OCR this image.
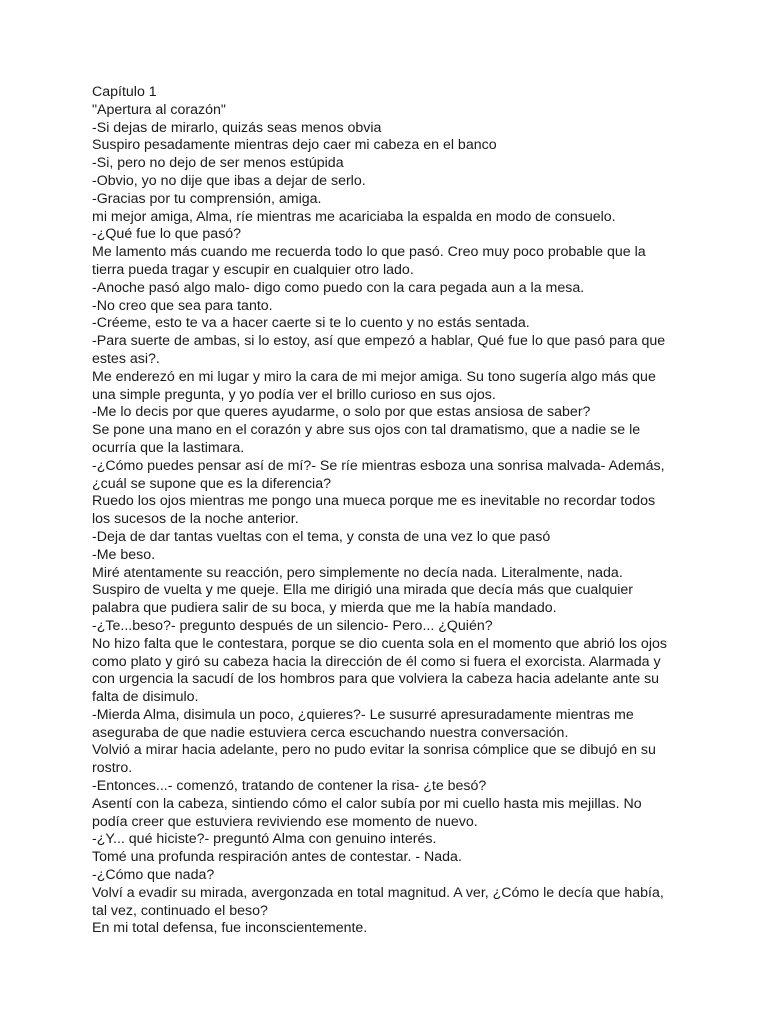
Capítulo 1
"Apertura al corazón"
-Si dejas de mirarlo, quizás seas menos obvia
Suspiro pesadamente mientras dejo caer mi cabeza en el banco
-Si, pero no dejo de ser menos estúpida
-Obvio, yo no dije que ibas a dejar de serlo.
-Gracias por tu comprensión, amiga.
mi mejor amiga, Alma, ríe mientras me acariciaba la espalda en modo de consuelo.
-¿Qué fue lo que pasó?
Me lamento más cuando me recuerda todo lo que pasó. Creo muy poco probable que la
tierra pueda tragar y escupir en cualquier otro lado.
-Anoche pasó algo malo- digo como puedo con la cara pegada aun a la mesa.
-No creo que sea para tanto.
-Créeme, esto te va a hacer caerte si te lo cuento y no estás sentada.
-Para suerte de ambas, si lo estoy, así que empezó a hablar, Qué fue lo que pasó para que
estes asi?.
Me enderezó en mi lugar y miro la cara de mi mejor amiga. Su tono sugería algo más que
una simple pregunta, y yo podía ver el brillo curioso en sus ojos.
-Me lo decis por que queres ayudarme, o solo por que estas ansiosa de saber?
Se pone una mano en el corazón y abre sus ojos con tal dramatismo, que a nadie se le
ocurría que la lastimara.
-¿Cómo puedes pensar así de mí?- Se ríe mientras esboza una sonrisa malvada- Además,
¿cuál se supone que es la diferencia?
Ruedo los ojos mientras me pongo una mueca porque me es inevitable no recordar todos
los sucesos de la noche anterior.
-Deja de dar tantas vueltas con el tema, y consta de una vez lo que pasó
-Me beso.
Miré atentamente su reacción, pero simplemente no decía nada. Literalmente, nada.
Suspiro de vuelta y me queje. Ella me dirigió una mirada que decía más que cualquier
palabra que pudiera salir de su boca, y mierda que me la había mandado.
-¿Te...beso?- pregunto después de un silencio- Pero... ¿Quién?
No hizo falta que le contestara, porque se dio cuenta sola en el momento que abrió los ojos
como plato y giró su cabeza hacia la dirección de él como si fuera el exorcista. Alarmada y
con urgencia la sacudí de los hombros para que volviera la cabeza hacia adelante ante su
falta de disimulo.
-Mierda Alma, disimula un poco, ¿quieres?- Le susurré apresuradamente mientras me
aseguraba de que nadie estuviera cerca escuchando nuestra conversación.
Volvió a mirar hacia adelante, pero no pudo evitar la sonrisa cómplice que se dibujó en su
rostro.
-Entonces...- comenzó, tratando de contener la risa- ¿te besó?
Asentí con la cabeza, sintiendo cómo el calor subía por mi cuello hasta mis mejillas. No
podía creer que estuviera reviviendo ese momento de nuevo.
-¿Y... qué hiciste?- preguntó Alma con genuino interés.
Tomé una profunda respiración antes de contestar. - Nada.
-¿Cómo que nada?
Volví a evadir su mirada, avergonzada en total magnitud. A ver, ¿Cómo le decía que había,
tal vez, continuado el beso?
En mi total defensa, fue inconscientemente.
